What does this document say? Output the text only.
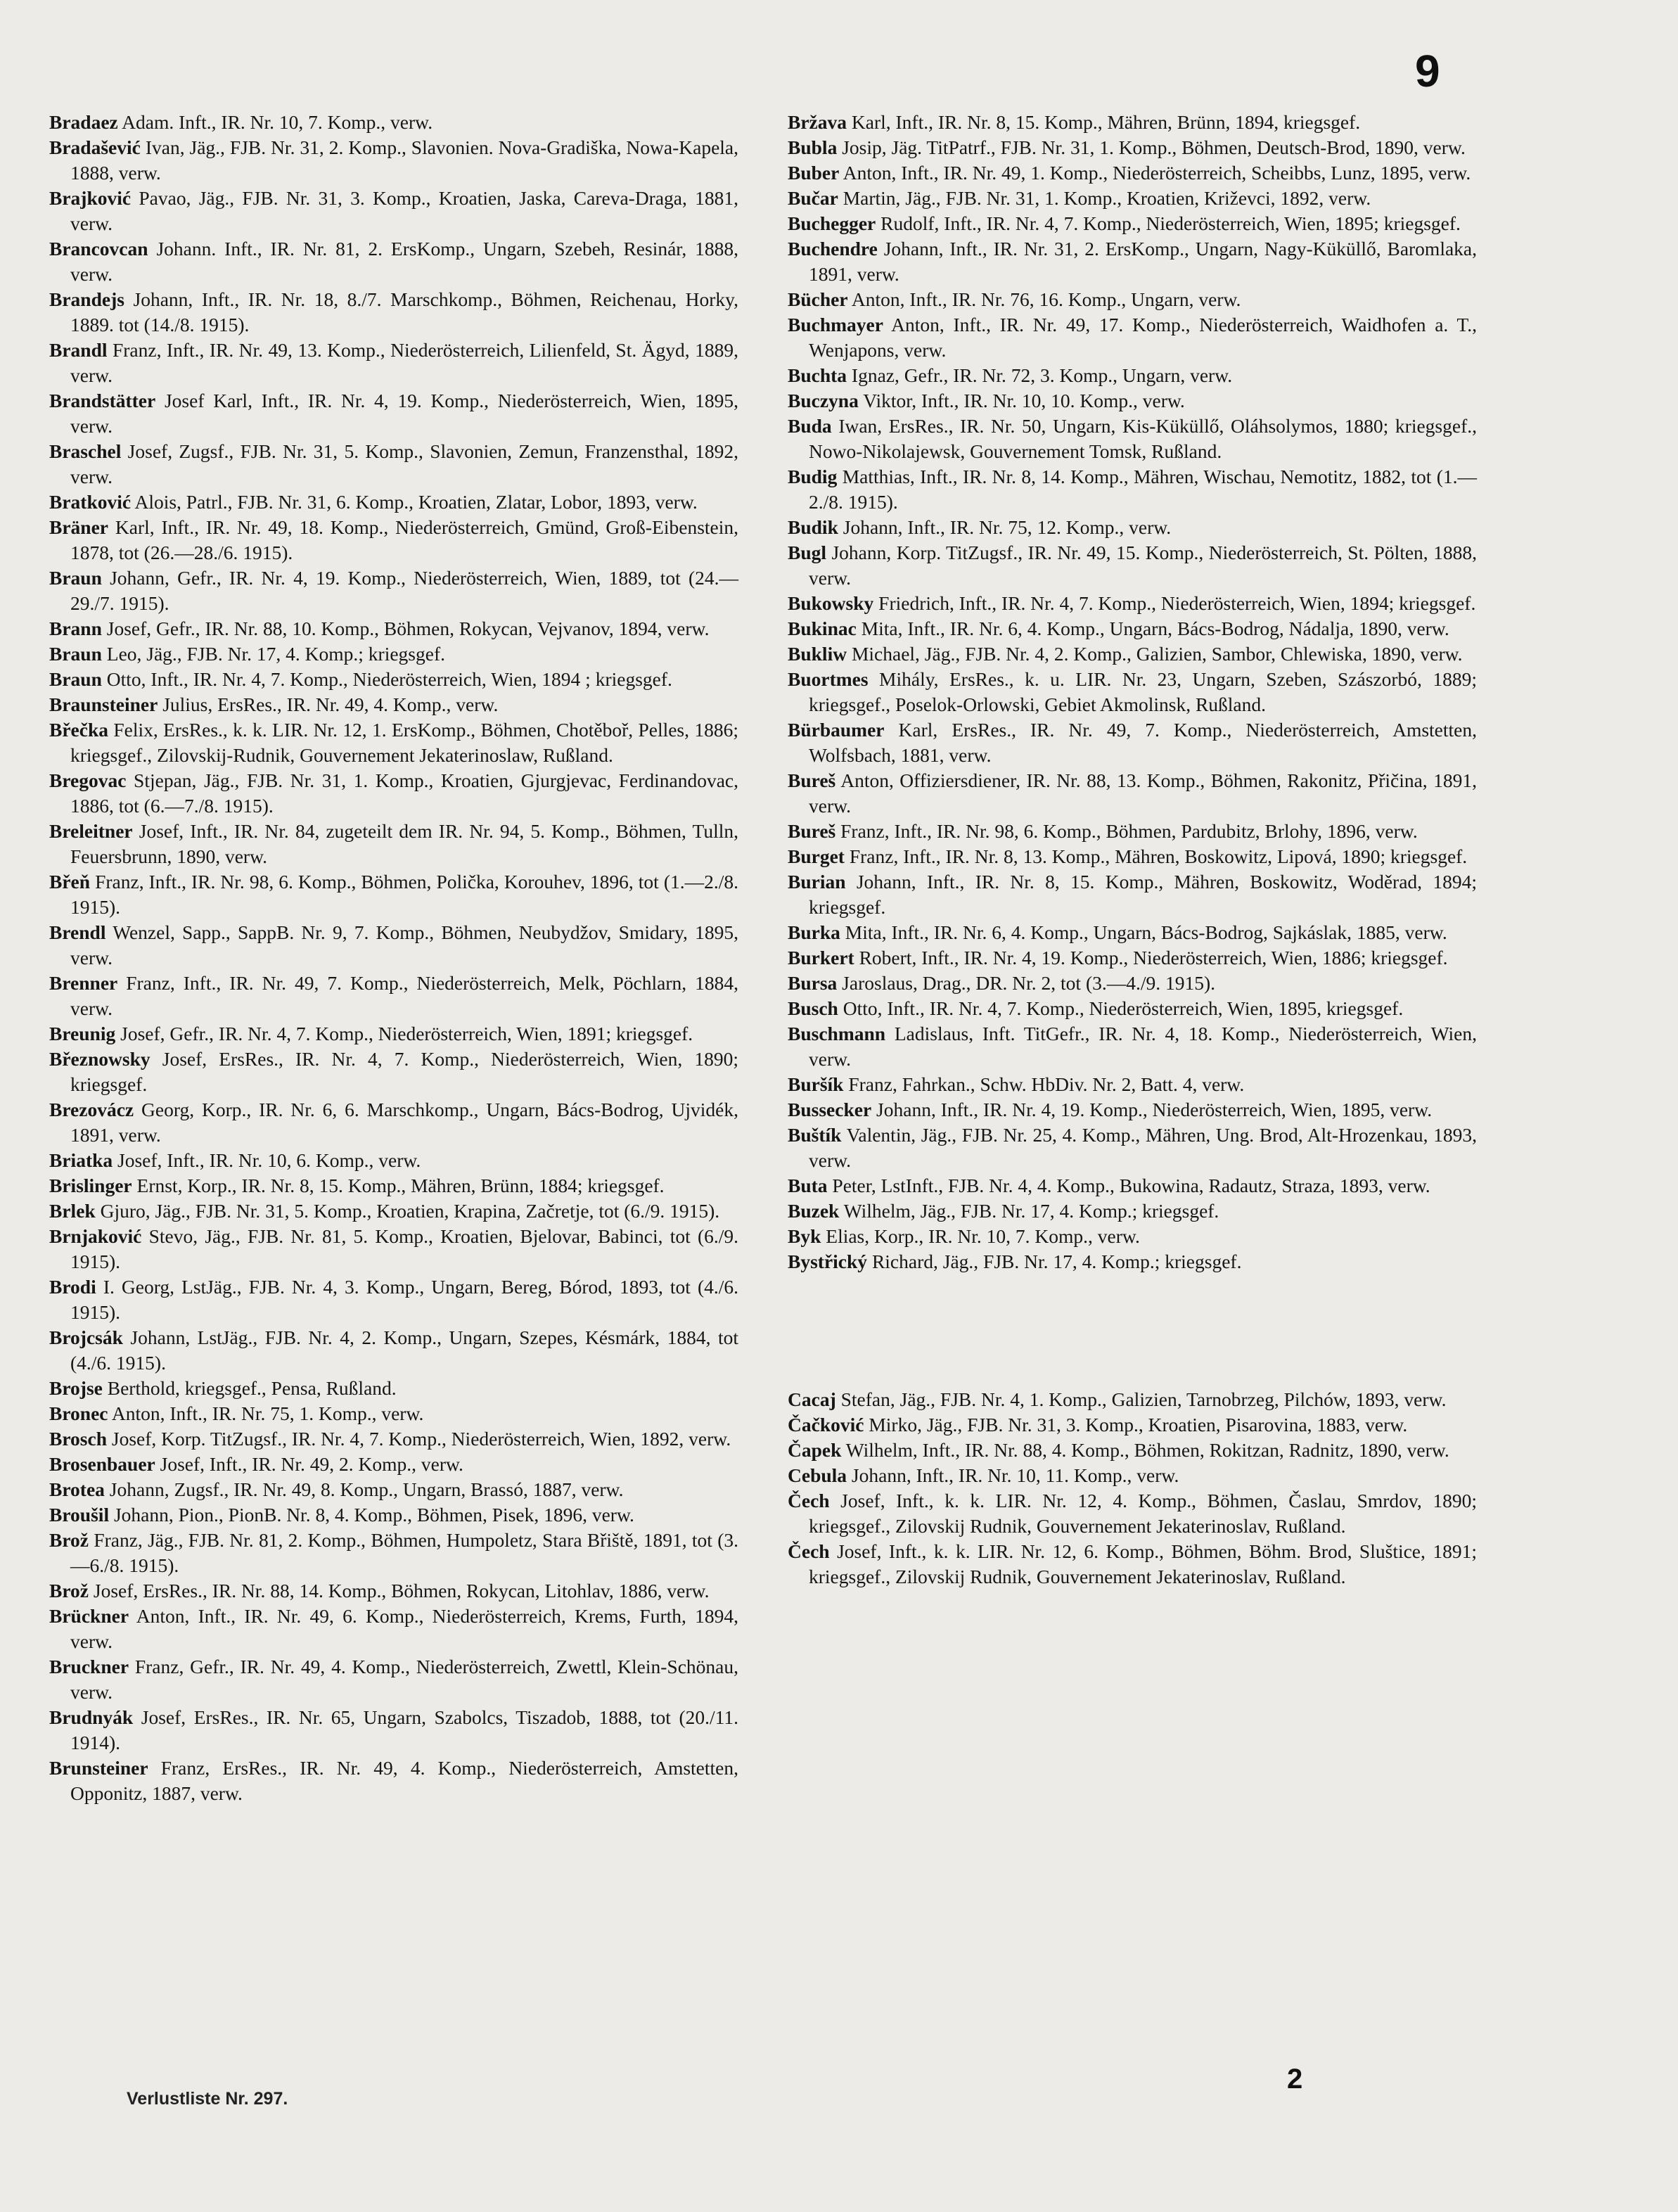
9

Bradaez Adam. Inft., IR. Nr. 10, 7. Komp., verw.

Bradašević Ivan, Jäg., FJB. Nr. 31, 2. Komp., Slavonien. Nova-Gradiška, Nowa-Kapela, 1888, verw.

Brajković Pavao, Jäg., FJB. Nr. 31, 3. Komp., Kroatien, Jaska, Careva-Draga, 1881, verw.

Brancovcan Johann. Inft., IR. Nr. 81, 2. ErsKomp., Ungarn, Szebeh, Resinár, 1888, verw.

Brandejs Johann, Inft., IR. Nr. 18, 8./7. Marschkomp., Böhmen, Reichenau, Horky, 1889. tot (14./8. 1915).

Brandl Franz, Inft., IR. Nr. 49, 13. Komp., Niederösterreich, Lilienfeld, St. Ägyd, 1889, verw.

Brandstätter Josef Karl, Inft., IR. Nr. 4, 19. Komp., Niederösterreich, Wien, 1895, verw.

Braschel Josef, Zugsf., FJB. Nr. 31, 5. Komp., Slavonien, Zemun, Franzensthal, 1892, verw.

Bratković Alois, Patrl., FJB. Nr. 31, 6. Komp., Kroatien, Zlatar, Lobor, 1893, verw.

Bräner Karl, Inft., IR. Nr. 49, 18. Komp., Niederösterreich, Gmünd, Groß-Eibenstein, 1878, tot (26.—28./6. 1915).

Braun Johann, Gefr., IR. Nr. 4, 19. Komp., Niederösterreich, Wien, 1889, tot (24.—29./7. 1915).

Brann Josef, Gefr., IR. Nr. 88, 10. Komp., Böhmen, Rokycan, Vejvanov, 1894, verw.

Braun Leo, Jäg., FJB. Nr. 17, 4. Komp.; kriegsgef.

Braun Otto, Inft., IR. Nr. 4, 7. Komp., Niederösterreich, Wien, 1894 ; kriegsgef.

Braunsteiner Julius, ErsRes., IR. Nr. 49, 4. Komp., verw.

Břečka Felix, ErsRes., k. k. LIR. Nr. 12, 1. ErsKomp., Böhmen, Chotěboř, Pelles, 1886; kriegsgef., Zilovskij-Rudnik, Gouvernement Jekaterinoslaw, Rußland.

Bregovac Stjepan, Jäg., FJB. Nr. 31, 1. Komp., Kroatien, Gjurgjevac, Ferdinandovac, 1886, tot (6.—7./8. 1915).

Breleitner Josef, Inft., IR. Nr. 84, zugeteilt dem IR. Nr. 94, 5. Komp., Böhmen, Tulln, Feuersbrunn, 1890, verw.

Břeň Franz, Inft., IR. Nr. 98, 6. Komp., Böhmen, Polička, Korouhev, 1896, tot (1.—2./8. 1915).

Brendl Wenzel, Sapp., SappB. Nr. 9, 7. Komp., Böhmen, Neubydžov, Smidary, 1895, verw.

Brenner Franz, Inft., IR. Nr. 49, 7. Komp., Niederösterreich, Melk, Pöchlarn, 1884, verw.

Breunig Josef, Gefr., IR. Nr. 4, 7. Komp., Niederösterreich, Wien, 1891; kriegsgef.

Březnowsky Josef, ErsRes., IR. Nr. 4, 7. Komp., Niederösterreich, Wien, 1890; kriegsgef.

Brezovácz Georg, Korp., IR. Nr. 6, 6. Marschkomp., Ungarn, Bács-Bodrog, Ujvidék, 1891, verw.

Briatka Josef, Inft., IR. Nr. 10, 6. Komp., verw.

Brislinger Ernst, Korp., IR. Nr. 8, 15. Komp., Mähren, Brünn, 1884; kriegsgef.

Brlek Gjuro, Jäg., FJB. Nr. 31, 5. Komp., Kroatien, Krapina, Začretje, tot (6./9. 1915).

Brnjaković Stevo, Jäg., FJB. Nr. 81, 5. Komp., Kroatien, Bjelovar, Babinci, tot (6./9. 1915).

Brodi I. Georg, LstJäg., FJB. Nr. 4, 3. Komp., Ungarn, Bereg, Bórod, 1893, tot (4./6. 1915).

Brojcsák Johann, LstJäg., FJB. Nr. 4, 2. Komp., Ungarn, Szepes, Késmárk, 1884, tot (4./6. 1915).

Brojse Berthold, kriegsgef., Pensa, Rußland.

Bronec Anton, Inft., IR. Nr. 75, 1. Komp., verw.

Brosch Josef, Korp. TitZugsf., IR. Nr. 4, 7. Komp., Niederösterreich, Wien, 1892, verw.

Brosenbauer Josef, Inft., IR. Nr. 49, 2. Komp., verw.

Brotea Johann, Zugsf., IR. Nr. 49, 8. Komp., Ungarn, Brassó, 1887, verw.

Broušil Johann, Pion., PionB. Nr. 8, 4. Komp., Böhmen, Pisek, 1896, verw.

Brož Franz, Jäg., FJB. Nr. 81, 2. Komp., Böhmen, Humpoletz, Stara Břiště, 1891, tot (3.—6./8. 1915).

Brož Josef, ErsRes., IR. Nr. 88, 14. Komp., Böhmen, Rokycan, Litohlav, 1886, verw.

Brückner Anton, Inft., IR. Nr. 49, 6. Komp., Niederösterreich, Krems, Furth, 1894, verw.

Bruckner Franz, Gefr., IR. Nr. 49, 4. Komp., Niederösterreich, Zwettl, Klein-Schönau, verw.

Brudnyák Josef, ErsRes., IR. Nr. 65, Ungarn, Szabolcs, Tiszadob, 1888, tot (20./11. 1914).

Brunsteiner Franz, ErsRes., IR. Nr. 49, 4. Komp., Niederösterreich, Amstetten, Opponitz, 1887, verw.

Bržava Karl, Inft., IR. Nr. 8, 15. Komp., Mähren, Brünn, 1894, kriegsgef.

Bubla Josip, Jäg. TitPatrf., FJB. Nr. 31, 1. Komp., Böhmen, Deutsch-Brod, 1890, verw.

Buber Anton, Inft., IR. Nr. 49, 1. Komp., Niederösterreich, Scheibbs, Lunz, 1895, verw.

Bučar Martin, Jäg., FJB. Nr. 31, 1. Komp., Kroatien, Križevci, 1892, verw.

Buchegger Rudolf, Inft., IR. Nr. 4, 7. Komp., Niederösterreich, Wien, 1895; kriegsgef.

Buchendre Johann, Inft., IR. Nr. 31, 2. ErsKomp., Ungarn, Nagy-Küküllő, Baromlaka, 1891, verw.

Bücher Anton, Inft., IR. Nr. 76, 16. Komp., Ungarn, verw.

Buchmayer Anton, Inft., IR. Nr. 49, 17. Komp., Niederösterreich, Waidhofen a. T., Wenjapons, verw.

Buchta Ignaz, Gefr., IR. Nr. 72, 3. Komp., Ungarn, verw.

Buczyna Viktor, Inft., IR. Nr. 10, 10. Komp., verw.

Buda Iwan, ErsRes., IR. Nr. 50, Ungarn, Kis-Küküllő, Oláhsolymos, 1880; kriegsgef., Nowo-Nikolajewsk, Gouvernement Tomsk, Rußland.

Budig Matthias, Inft., IR. Nr. 8, 14. Komp., Mähren, Wischau, Nemotitz, 1882, tot (1.—2./8. 1915).

Budik Johann, Inft., IR. Nr. 75, 12. Komp., verw.

Bugl Johann, Korp. TitZugsf., IR. Nr. 49, 15. Komp., Niederösterreich, St. Pölten, 1888, verw.

Bukowsky Friedrich, Inft., IR. Nr. 4, 7. Komp., Niederösterreich, Wien, 1894; kriegsgef.

Bukinac Mita, Inft., IR. Nr. 6, 4. Komp., Ungarn, Bács-Bodrog, Nádalja, 1890, verw.

Bukliw Michael, Jäg., FJB. Nr. 4, 2. Komp., Galizien, Sambor, Chlewiska, 1890, verw.

Buortmes Mihály, ErsRes., k. u. LIR. Nr. 23, Ungarn, Szeben, Szászorbó, 1889; kriegsgef., Poselok-Orlowski, Gebiet Akmolinsk, Rußland.

Bürbaumer Karl, ErsRes., IR. Nr. 49, 7. Komp., Niederösterreich, Amstetten, Wolfsbach, 1881, verw.

Bureš Anton, Offiziersdiener, IR. Nr. 88, 13. Komp., Böhmen, Rakonitz, Přičina, 1891, verw.

Bureš Franz, Inft., IR. Nr. 98, 6. Komp., Böhmen, Pardubitz, Brlohy, 1896, verw.

Burget Franz, Inft., IR. Nr. 8, 13. Komp., Mähren, Boskowitz, Lipová, 1890; kriegsgef.

Burian Johann, Inft., IR. Nr. 8, 15. Komp., Mähren, Boskowitz, Woděrad, 1894; kriegsgef.

Burka Mita, Inft., IR. Nr. 6, 4. Komp., Ungarn, Bács-Bodrog, Sajkáslak, 1885, verw.

Burkert Robert, Inft., IR. Nr. 4, 19. Komp., Niederösterreich, Wien, 1886; kriegsgef.

Bursa Jaroslaus, Drag., DR. Nr. 2, tot (3.—4./9. 1915).

Busch Otto, Inft., IR. Nr. 4, 7. Komp., Niederösterreich, Wien, 1895, kriegsgef.

Buschmann Ladislaus, Inft. TitGefr., IR. Nr. 4, 18. Komp., Niederösterreich, Wien, verw.

Buršík Franz, Fahrkan., Schw. HbDiv. Nr. 2, Batt. 4, verw.

Bussecker Johann, Inft., IR. Nr. 4, 19. Komp., Niederösterreich, Wien, 1895, verw.

Buštík Valentin, Jäg., FJB. Nr. 25, 4. Komp., Mähren, Ung. Brod, Alt-Hrozenkau, 1893, verw.

Buta Peter, LstInft., FJB. Nr. 4, 4. Komp., Bukowina, Radautz, Straza, 1893, verw.

Buzek Wilhelm, Jäg., FJB. Nr. 17, 4. Komp.; kriegsgef.

Byk Elias, Korp., IR. Nr. 10, 7. Komp., verw.

Bystřický Richard, Jäg., FJB. Nr. 17, 4. Komp.; kriegsgef.

Cacaj Stefan, Jäg., FJB. Nr. 4, 1. Komp., Galizien, Tarnobrzeg, Pilchów, 1893, verw.

Čačković Mirko, Jäg., FJB. Nr. 31, 3. Komp., Kroatien, Pisarovina, 1883, verw.

Čapek Wilhelm, Inft., IR. Nr. 88, 4. Komp., Böhmen, Rokitzan, Radnitz, 1890, verw.

Cebula Johann, Inft., IR. Nr. 10, 11. Komp., verw.

Čech Josef, Inft., k. k. LIR. Nr. 12, 4. Komp., Böhmen, Časlau, Smrdov, 1890; kriegsgef., Zilovskij Rudnik, Gouvernement Jekaterinoslav, Rußland.

Čech Josef, Inft., k. k. LIR. Nr. 12, 6. Komp., Böhmen, Böhm. Brod, Sluštice, 1891; kriegsgef., Zilovskij Rudnik, Gouvernement Jekaterinoslav, Rußland.

Verlustliste Nr. 297.
2
